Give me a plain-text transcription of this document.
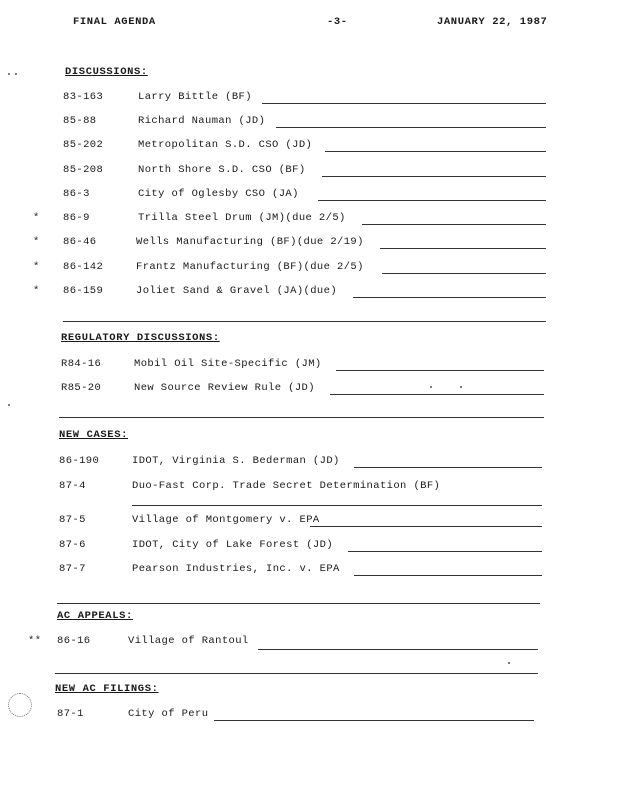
FINAL AGENDA	-3-	JANUARY 22, 1987
DISCUSSIONS:
83-163	Larry Bittle (BF)
85-88	Richard Nauman (JD)
85-202	Metropolitan S.D. CSO (JD)
85-208	North Shore S.D. CSO (BF)
86-3	City of Oglesby CSO (JA)
* 86-9	Trilla Steel Drum (JM)(due 2/5)
* 86-46	Wells Manufacturing (BF)(due 2/19)
* 86-142	Frantz Manufacturing (BF)(due 2/5)
* 86-159	Joliet Sand & Gravel (JA)(due)
REGULATORY DISCUSSIONS:
R84-16	Mobil Oil Site-Specific (JM)
R85-20	New Source Review Rule (JD)
NEW CASES:
86-190	IDOT, Virginia S. Bederman (JD)
87-4	Duo-Fast Corp. Trade Secret Determination (BF)
87-5	Village of Montgomery v. EPA
87-6	IDOT, City of Lake Forest (JD)
87-7	Pearson Industries, Inc. v. EPA
AC APPEALS:
** 86-16	Village of Rantoul
NEW AC FILINGS:
87-1	City of Peru
